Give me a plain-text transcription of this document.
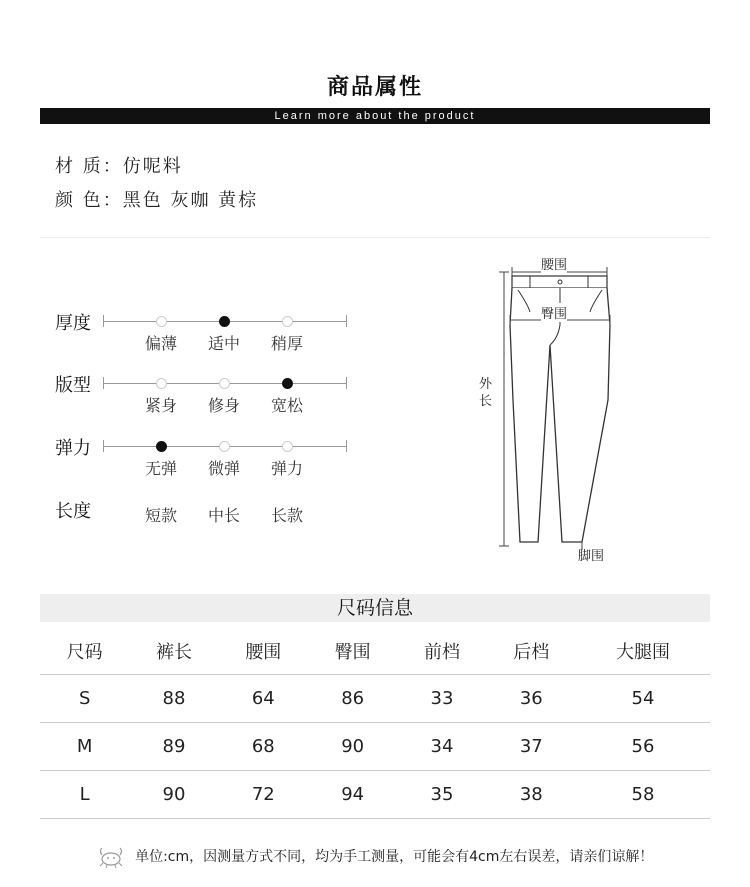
商品属性
Learn more about the product
材 质：仿呢料
颜 色：黑色 灰咖 黄棕
厚度
偏薄	适中	稍厚
版型
紧身	修身	宽松
弹力
无弹	微弹	弹力
长度	短款	中长	长款
腰围
臀围
外
长
脚围
尺码信息
尺码	裤长	腰围	臀围	前档	后档	大腿围
S	88	64	86	33	36	54
M	89	68	90	34	37	56
L	90	72	94	35	38	58
单位:cm，因测量方式不同，均为手工测量，可能会有4cm左右误差，请亲们谅解！
